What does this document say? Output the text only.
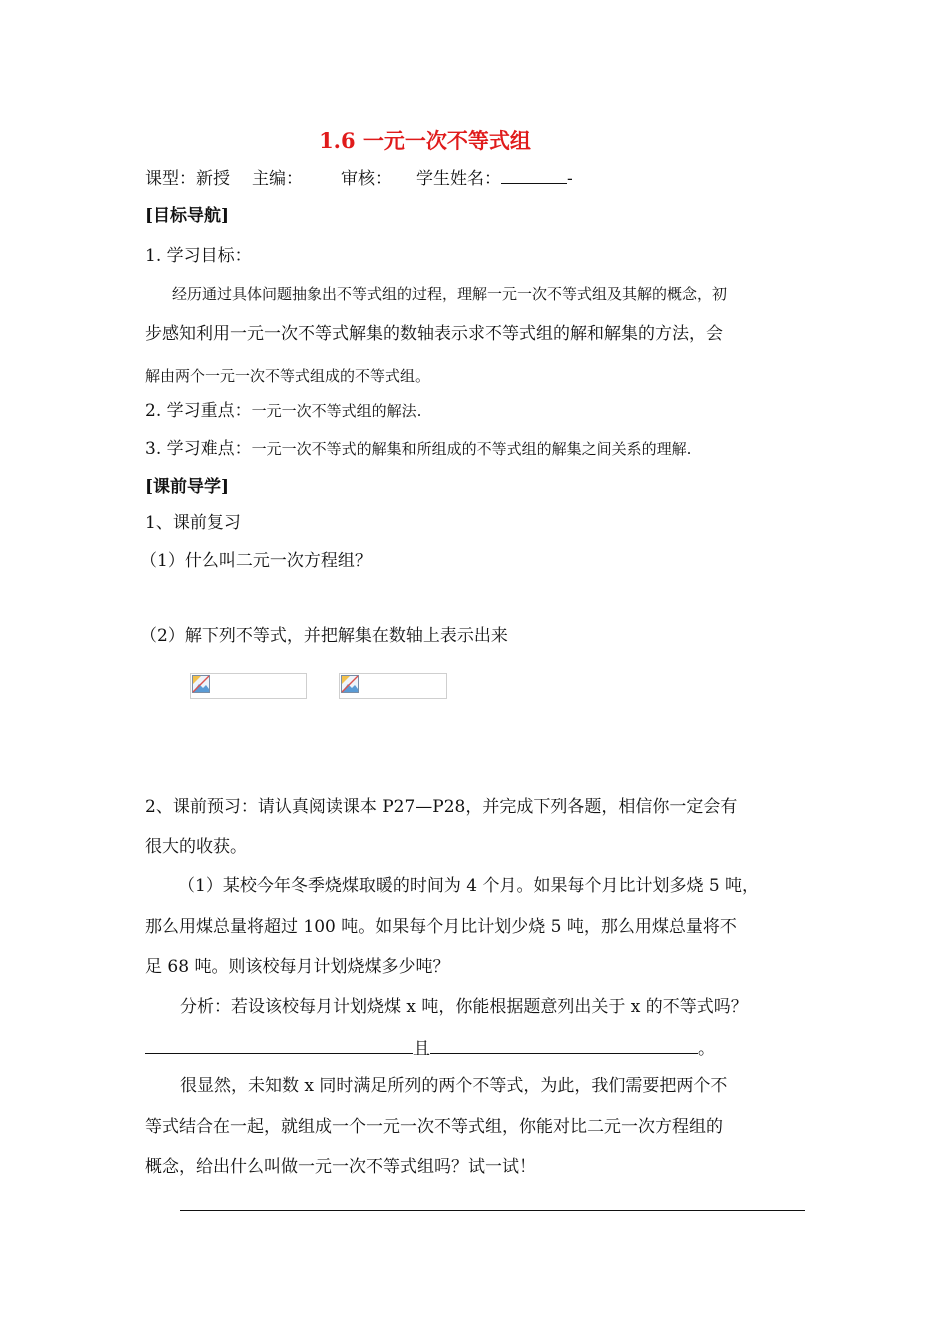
1.6 一元一次不等式组
课型：新授 主编： 审核： 学生姓名：	-
[目标导航]
1. 学习目标：
经历通过具体问题抽象出不等式组的过程，理解一元一次不等式组及其解的概念，初
步感知利用一元一次不等式解集的数轴表示求不等式组的解和解集的方法，会
解由两个一元一次不等式组成的不等式组。
2. 学习重点：一元一次不等式组的解法.
3. 学习难点：一元一次不等式的解集和所组成的不等式组的解集之间关系的理解.
[课前导学]
1、课前复习
（1）什么叫二元一次方程组？
（2）解下列不等式，并把解集在数轴上表示出来
2、课前预习：请认真阅读课本 P27—P28，并完成下列各题，相信你一定会有
很大的收获。
（1）某校今年冬季烧煤取暖的时间为 4 个月。如果每个月比计划多烧 5 吨，
那么用煤总量将超过 100 吨。如果每个月比计划少烧 5 吨，那么用煤总量将不
足 68 吨。则该校每月计划烧煤多少吨？
分析：若设该校每月计划烧煤 x 吨，你能根据题意列出关于 x 的不等式吗？
且	。
很显然，未知数 x 同时满足所列的两个不等式，为此，我们需要把两个不
等式结合在一起，就组成一个一元一次不等式组，你能对比二元一次方程组的
概念，给出什么叫做一元一次不等式组吗？试一试！
